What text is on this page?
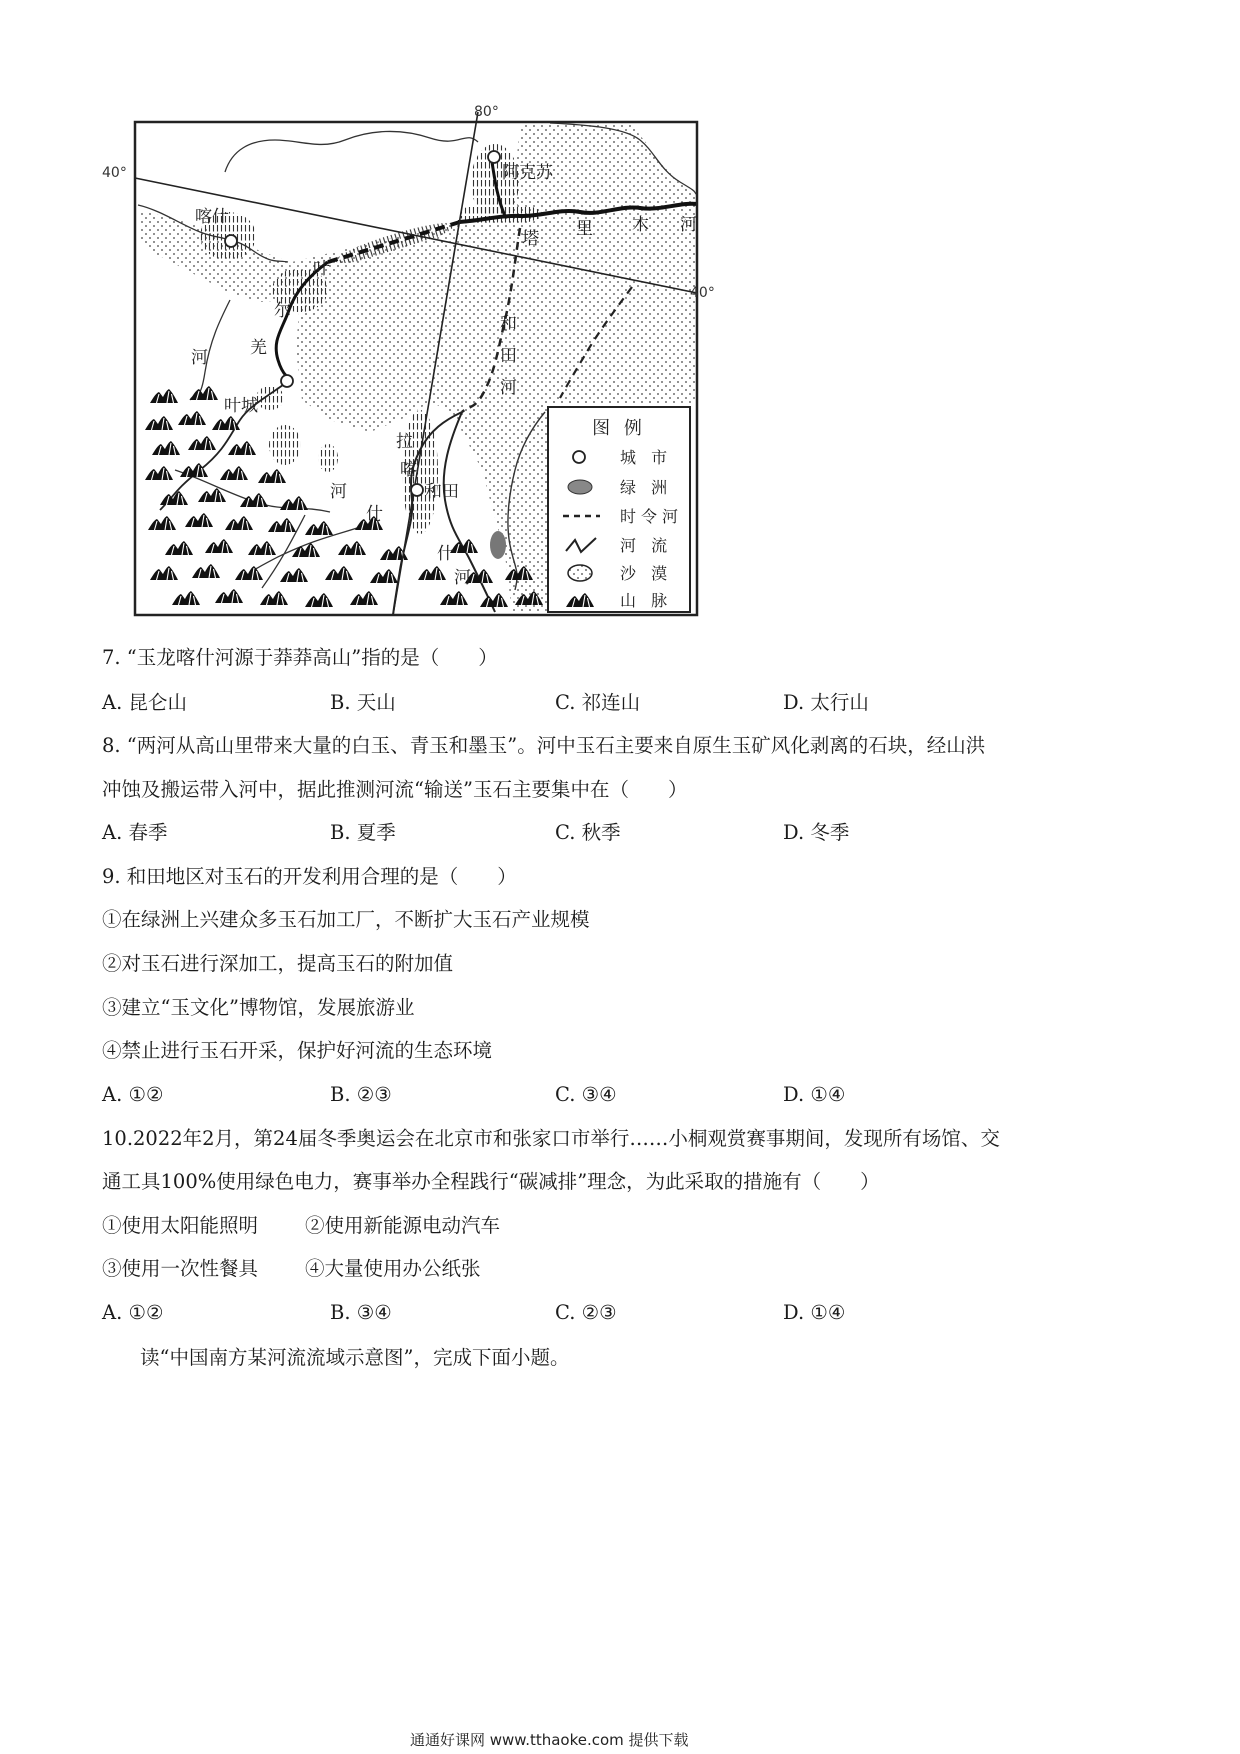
80°
40°
40°
喀什
阿克苏
叶城
和田
塔 里 木 河
叶
尔
羌
河
和
田
河
拉
喀
河
什
什
河
图 例
城 市
绿 洲
时令河
河 流
沙 漠
山 脉
7. “玉龙喀什河源于莽莽高山”指的是（　　）
A. 昆仑山	B. 天山	C. 祁连山	D. 太行山
8. “两河从高山里带来大量的白玉、青玉和墨玉”。河中玉石主要来自原生玉矿风化剥离的石块，经山洪
冲蚀及搬运带入河中，据此推测河流“输送”玉石主要集中在（　　）
A. 春季	B. 夏季	C. 秋季	D. 冬季
9. 和田地区对玉石的开发利用合理的是（　　）
①在绿洲上兴建众多玉石加工厂，不断扩大玉石产业规模
②对玉石进行深加工，提高玉石的附加值
③建立“玉文化”博物馆，发展旅游业
④禁止进行玉石开采，保护好河流的生态环境
A. ①②	B. ②③	C. ③④	D. ①④
10.2022年2月，第24届冬季奥运会在北京市和张家口市举行……小桐观赏赛事期间，发现所有场馆、交
通工具100%使用绿色电力，赛事举办全程践行“碳减排”理念，为此采取的措施有（　　）
①使用太阳能照明 ②使用新能源电动汽车
③使用一次性餐具 ④大量使用办公纸张
A. ①②	B. ③④	C. ②③	D. ①④
读“中国南方某河流流域示意图”，完成下面小题。
通通好课网 www.tthaoke.com 提供下载
